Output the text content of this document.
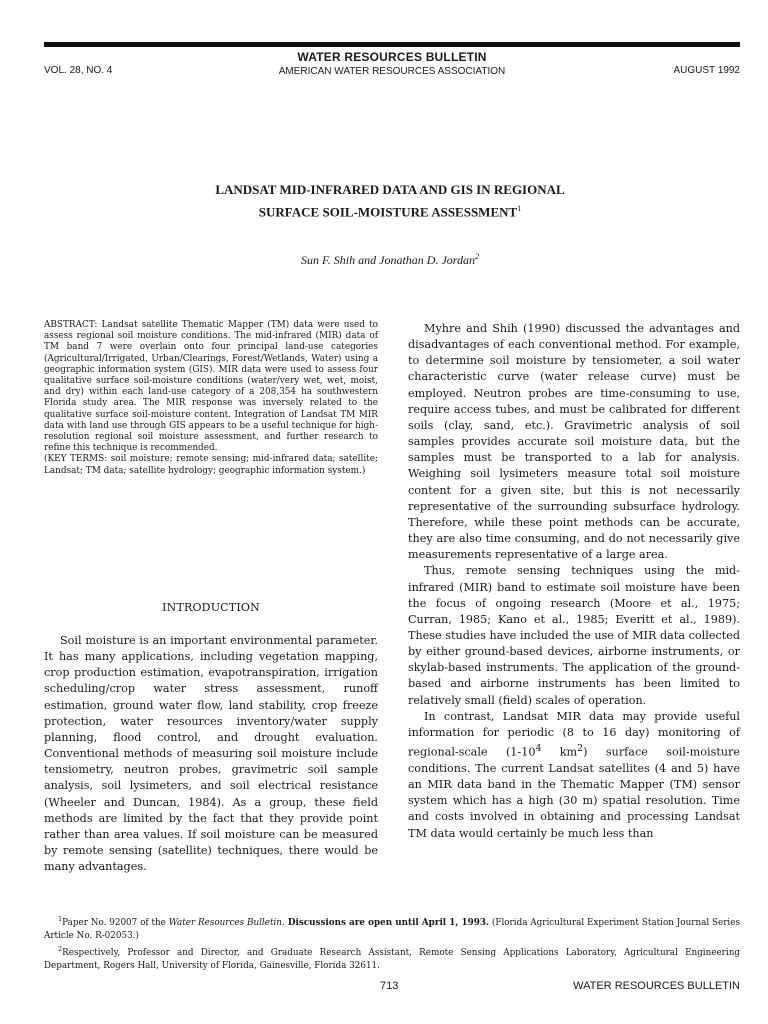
WATER RESOURCES BULLETIN
AMERICAN WATER RESOURCES ASSOCIATION
VOL. 28, NO. 4	AUGUST 1992
LANDSAT MID-INFRARED DATA AND GIS IN REGIONAL
SURFACE SOIL-MOISTURE ASSESSMENT$^1$
Sun F. Shih and Jonathan D. Jordan$^2$

ABSTRACT: Landsat satellite Thematic Mapper (TM) data were used to assess regional soil moisture conditions. The mid-infrared (MIR) data of TM band 7 were overlain onto four principal land-use categories (Agricultural/Irrigated, Urban/Clearings, Forest/Wetlands, Water) using a geographic information system (GIS). MIR data were used to assess four qualitative surface soil-moisture conditions (water/very wet, wet, moist, and dry) within each land-use category of a 208,354 ha southwestern Florida study area. The MIR response was inversely related to the qualitative surface soil-moisture content. Integration of Landsat TM MIR data with land use through GIS appears to be a useful technique for high-resolution regional soil moisture assessment, and further research to refine this technique is recommended.

(KEY TERMS: soil moisture; remote sensing; mid-infrared data; satellite; Landsat; TM data; satellite hydrology; geographic information system.)

INTRODUCTION

Soil moisture is an important environmental parameter. It has many applications, including vegetation mapping, crop production estimation, evapotranspiration, irrigation scheduling/crop water stress assessment, runoff estimation, ground water flow, land stability, crop freeze protection, water resources inventory/water supply planning, flood control, and drought evaluation. Conventional methods of measuring soil moisture include tensiometry, neutron probes, gravimetric soil sample analysis, soil lysimeters, and soil electrical resistance (Wheeler and Duncan, 1984). As a group, these field methods are limited by the fact that they provide point rather than area values. If soil moisture can be measured by remote sensing (satellite) techniques, there would be many advantages.

Myhre and Shih (1990) discussed the advantages and disadvantages of each conventional method. For example, to determine soil moisture by tensiometer, a soil water characteristic curve (water release curve) must be employed. Neutron probes are time-consuming to use, require access tubes, and must be calibrated for different soils (clay, sand, etc.). Gravimetric analysis of soil samples provides accurate soil moisture data, but the samples must be transported to a lab for analysis. Weighing soil lysimeters measure total soil moisture content for a given site, but this is not necessarily representative of the surrounding subsurface hydrology. Therefore, while these point methods can be accurate, they are also time consuming, and do not necessarily give measurements representative of a large area.

Thus, remote sensing techniques using the mid-infrared (MIR) band to estimate soil moisture have been the focus of ongoing research (Moore et al., 1975; Curran, 1985; Kano et al., 1985; Everitt et al., 1989). These studies have included the use of MIR data collected by either ground-based devices, airborne instruments, or skylab-based instruments. The application of the ground-based and airborne instruments has been limited to relatively small (field) scales of operation.

In contrast, Landsat MIR data may provide useful information for periodic (8 to 16 day) monitoring of regional-scale ($1-10^4$ $km^2$) surface soil-moisture conditions. The current Landsat satellites (4 and 5) have an MIR data band in the Thematic Mapper (TM) sensor system which has a high (30 m) spatial resolution. Time and costs involved in obtaining and processing Landsat TM data would certainly be much less than

$^1$Paper No. 92007 of the Water Resources Bulletin. Discussions are open until April 1, 1993. (Florida Agricultural Experiment Station Journal Series Article No. R-02053.)

$^2$Respectively, Professor and Director, and Graduate Research Assistant, Remote Sensing Applications Laboratory, Agricultural Engineering Department, Rogers Hall, University of Florida, Gainesville, Florida 32611.

713	WATER RESOURCES BULLETIN
